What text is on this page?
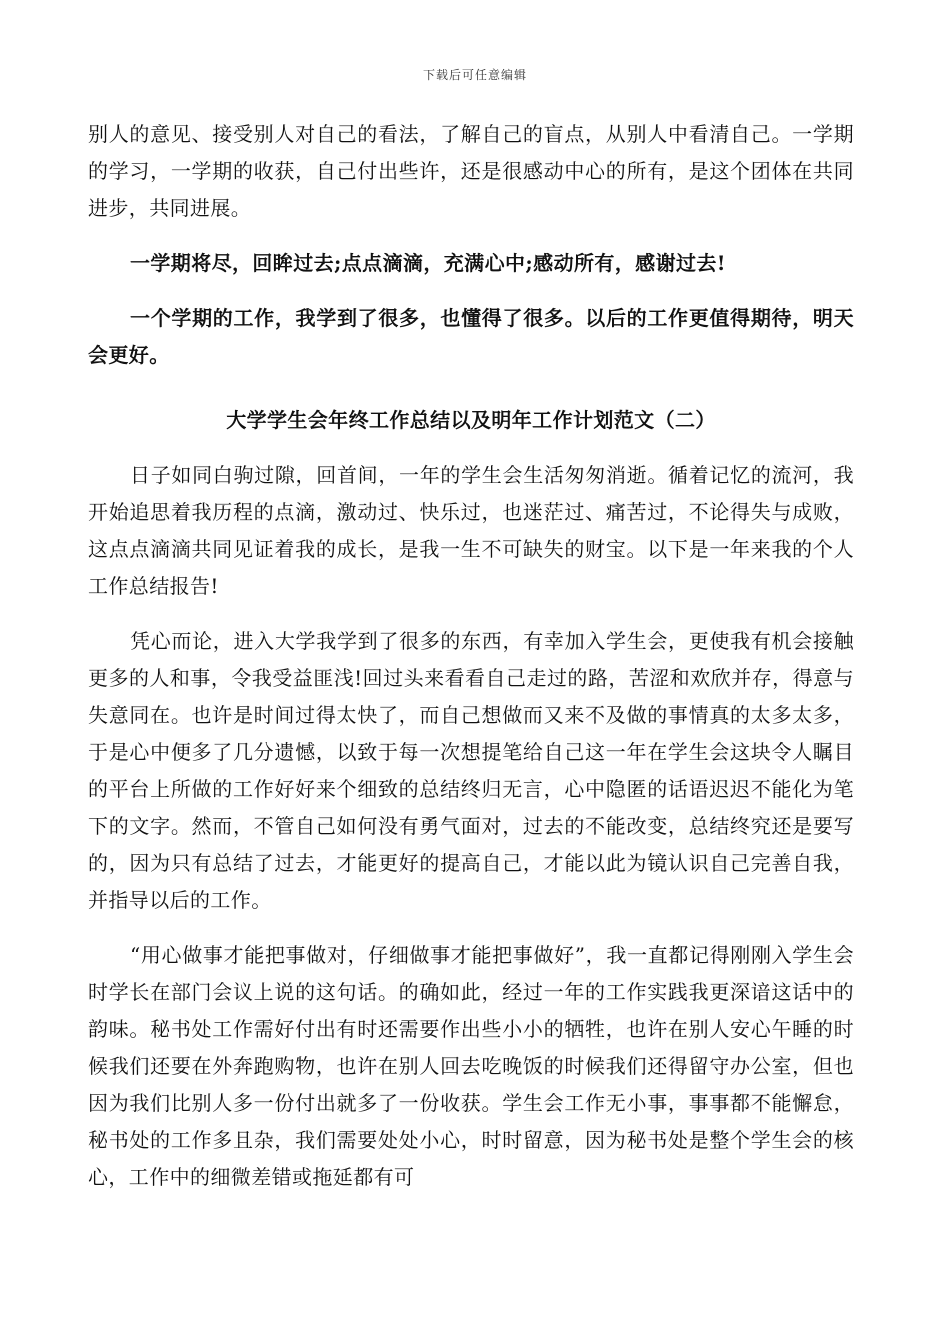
下载后可任意编辑

别人的意见、接受别人对自己的看法，了解自己的盲点，从别人中看清自己。一学期的学习，一学期的收获，自己付出些许，还是很感动中心的所有，是这个团体在共同进步，共同进展。

一学期将尽，回眸过去;点点滴滴，充满心中;感动所有，感谢过去!

一个学期的工作，我学到了很多，也懂得了很多。以后的工作更值得期待，明天会更好。

大学学生会年终工作总结以及明年工作计划范文（二）

日子如同白驹过隙，回首间，一年的学生会生活匆匆消逝。循着记忆的流河，我开始追思着我历程的点滴，激动过、快乐过，也迷茫过、痛苦过，不论得失与成败，这点点滴滴共同见证着我的成长，是我一生不可缺失的财宝。以下是一年来我的个人工作总结报告!

凭心而论，进入大学我学到了很多的东西，有幸加入学生会，更使我有机会接触更多的人和事，令我受益匪浅!回过头来看看自己走过的路，苦涩和欢欣并存，得意与失意同在。也许是时间过得太快了，而自己想做而又来不及做的事情真的太多太多，于是心中便多了几分遗憾，以致于每一次想提笔给自己这一年在学生会这块令人瞩目的平台上所做的工作好好来个细致的总结终归无言，心中隐匿的话语迟迟不能化为笔下的文字。然而，不管自己如何没有勇气面对，过去的不能改变，总结终究还是要写的，因为只有总结了过去，才能更好的提高自己，才能以此为镜认识自己完善自我，并指导以后的工作。

“用心做事才能把事做对，仔细做事才能把事做好”，我一直都记得刚刚入学生会时学长在部门会议上说的这句话。的确如此，经过一年的工作实践我更深谙这话中的韵味。秘书处工作需好付出有时还需要作出些小小的牺牲，也许在别人安心午睡的时候我们还要在外奔跑购物，也许在别人回去吃晚饭的时候我们还得留守办公室，但也因为我们比别人多一份付出就多了一份收获。学生会工作无小事，事事都不能懈怠，秘书处的工作多且杂，我们需要处处小心，时时留意，因为秘书处是整个学生会的核心，工作中的细微差错或拖延都有可
